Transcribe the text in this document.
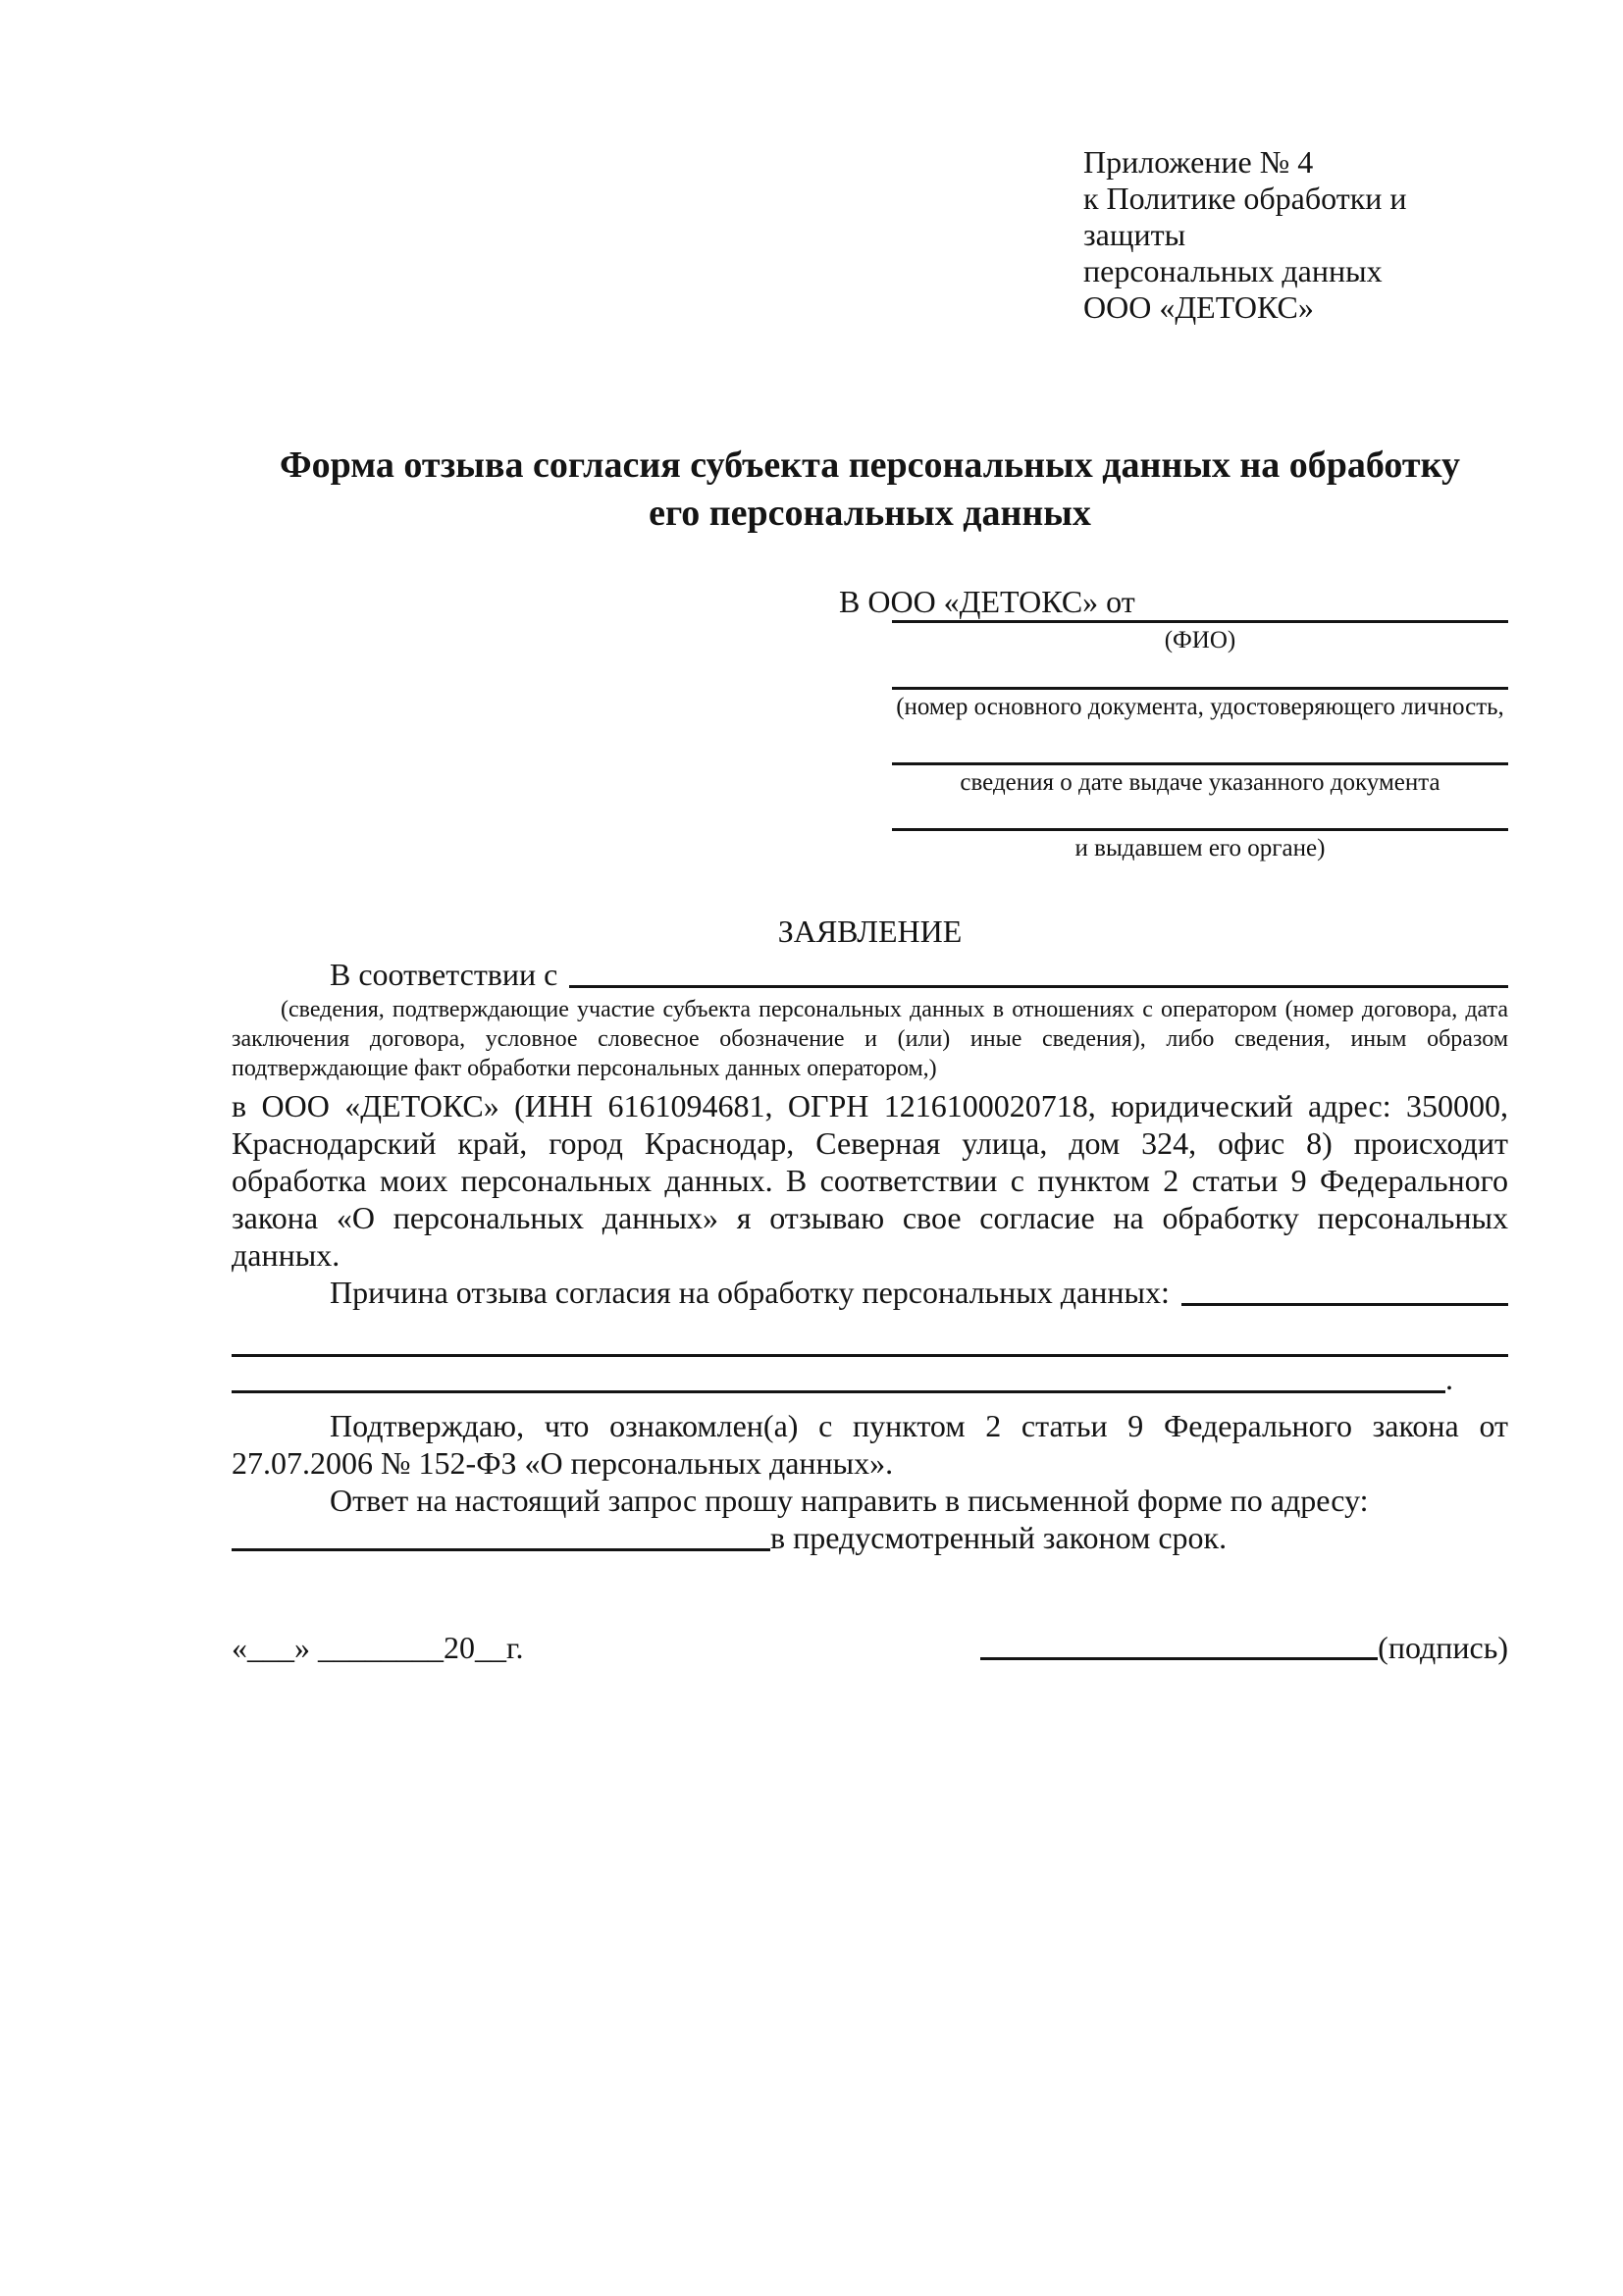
Приложение № 4
к Политике обработки и защиты
персональных данных
ООО «ДЕТОКС»
Форма отзыва согласия субъекта персональных данных на обработку
его персональных данных
В ООО «ДЕТОКС» от
(ФИО)
(номер основного документа, удостоверяющего личность,
сведения о дате выдаче указанного документа
и выдавшем его органе)
ЗАЯВЛЕНИЕ
В соответствии с
(сведения, подтверждающие участие субъекта персональных данных в отношениях с оператором (номер договора, дата заключения договора, условное словесное обозначение и (или) иные сведения), либо сведения, иным образом подтверждающие факт обработки персональных данных оператором,)
в ООО «ДЕТОКС» (ИНН 6161094681, ОГРН 1216100020718, юридический адрес: 350000, Краснодарский край, город Краснодар, Северная улица, дом 324, офис 8) происходит обработка моих персональных данных. В соответствии с пунктом 2 статьи 9 Федерального закона «О персональных данных» я отзываю свое согласие на обработку персональных данных.
Причина отзыва согласия на обработку персональных данных:
.
Подтверждаю, что ознакомлен(а) с пунктом 2 статьи 9 Федерального закона от 27.07.2006 № 152-ФЗ «О персональных данных».
Ответ на настоящий запрос прошу направить в письменной форме по адресу:
в предусмотренный законом срок.
«___» ________20__г.	(подпись)
